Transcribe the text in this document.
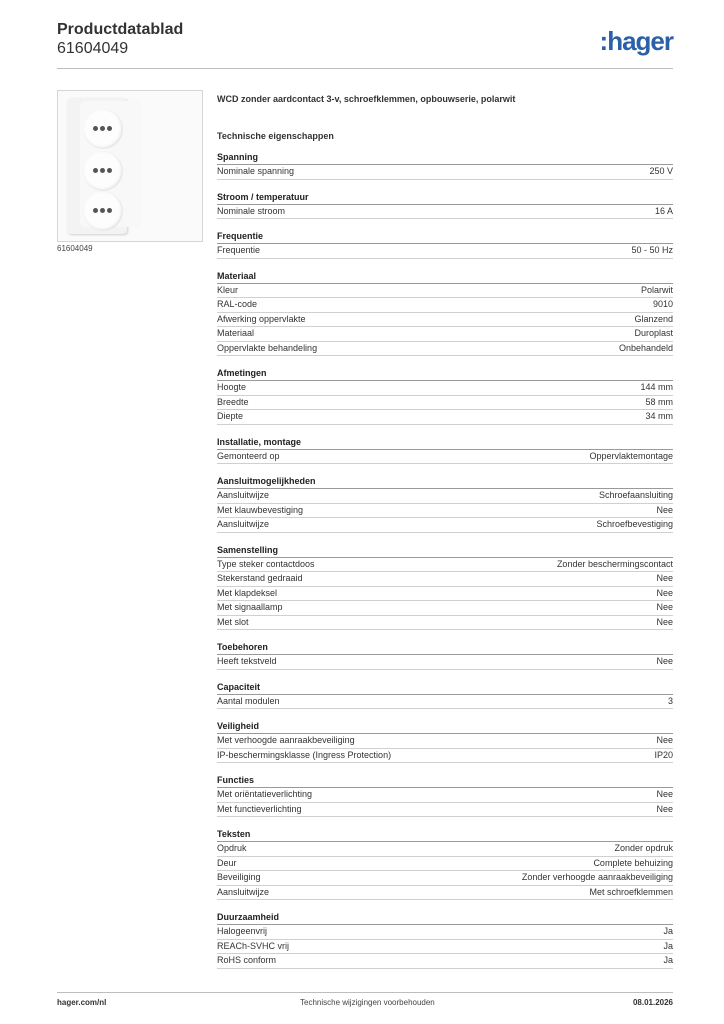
Productdatablad
61604049	:hager
61604049
WCD zonder aardcontact 3-v, schroefklemmen, opbouwserie, polarwit
Technische eigenschappen
Spanning
Nominale spanning	250 V
Stroom / temperatuur
Nominale stroom	16 A
Frequentie
Frequentie	50 - 50 Hz
Materiaal
Kleur	Polarwit
RAL-code	9010
Afwerking oppervlakte	Glanzend
Materiaal	Duroplast
Oppervlakte behandeling	Onbehandeld
Afmetingen
Hoogte	144 mm
Breedte	58 mm
Diepte	34 mm
Installatie, montage
Gemonteerd op	Oppervlaktemontage
Aansluitmogelijkheden
Aansluitwijze	Schroefaansluiting
Met klauwbevestiging	Nee
Aansluitwijze	Schroefbevestiging
Samenstelling
Type steker contactdoos	Zonder beschermingscontact
Stekerstand gedraaid	Nee
Met klapdeksel	Nee
Met signaallamp	Nee
Met slot	Nee
Toebehoren
Heeft tekstveld	Nee
Capaciteit
Aantal modulen	3
Veiligheid
Met verhoogde aanraakbeveiliging	Nee
IP-beschermingsklasse (Ingress Protection)	IP20
Functies
Met oriëntatieverlichting	Nee
Met functieverlichting	Nee
Teksten
Opdruk	Zonder opdruk
Deur	Complete behuizing
Beveiliging	Zonder verhoogde aanraakbeveiliging
Aansluitwijze	Met schroefklemmen
Duurzaamheid
Halogeenvrij	Ja
REACh-SVHC vrij	Ja
RoHS conform	Ja
hager.com/nl	Technische wijzigingen voorbehouden	08.01.2026
